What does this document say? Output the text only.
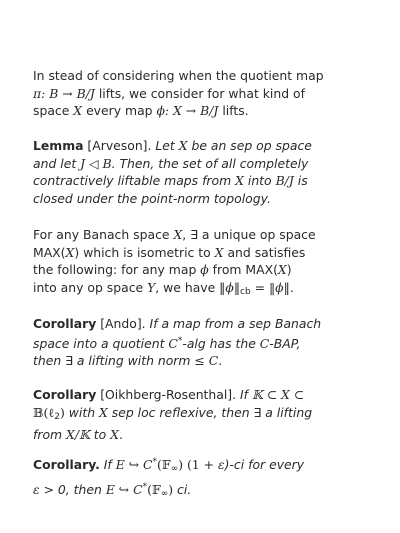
In stead of considering when the quotient map
π: B → B/J lifts, we consider for what kind of
space X every map ϕ: X → B/J lifts.

Lemma [Arveson]. Let X be an sep op space
and let J ◁ B. Then, the set of all completely
contractively liftable maps from X into B/J is
closed under the point-norm topology.

For any Banach space X, ∃ a unique op space
MAX(X) which is isometric to X and satisfies
the following: for any map ϕ from MAX(X)
into any op space Y, we have $‖\phi‖_{cb}$ = ‖ϕ‖.

Corollary [Ando]. If a map from a sep Banach
space into a quotient C*-alg has the C-BAP,
then ∃ a lifting with norm ≤ C.

Corollary [Oikhberg-Rosenthal]. If 𝕂 ⊂ X ⊂
𝔹(ℓ$_2$) with X sep loc reflexive, then ∃ a lifting
from X/𝕂 to X.

Corollary. If E ↪ C*(𝔽$_\infty$) (1 + ε)-ci for every
ε > 0, then E ↪ C*(𝔽$_\infty$) ci.
